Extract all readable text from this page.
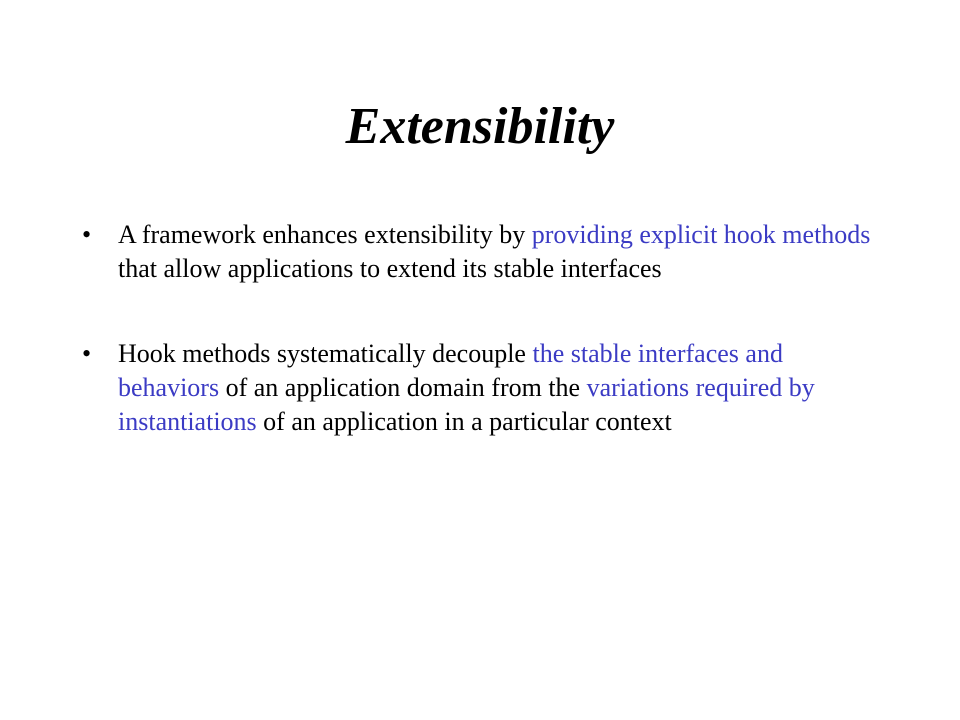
Extensibility
• A framework enhances extensibility by providing explicit hook methods that allow applications to extend its stable interfaces
• Hook methods systematically decouple the stable interfaces and behaviors of an application domain from the variations required by instantiations of an application in a particular context
